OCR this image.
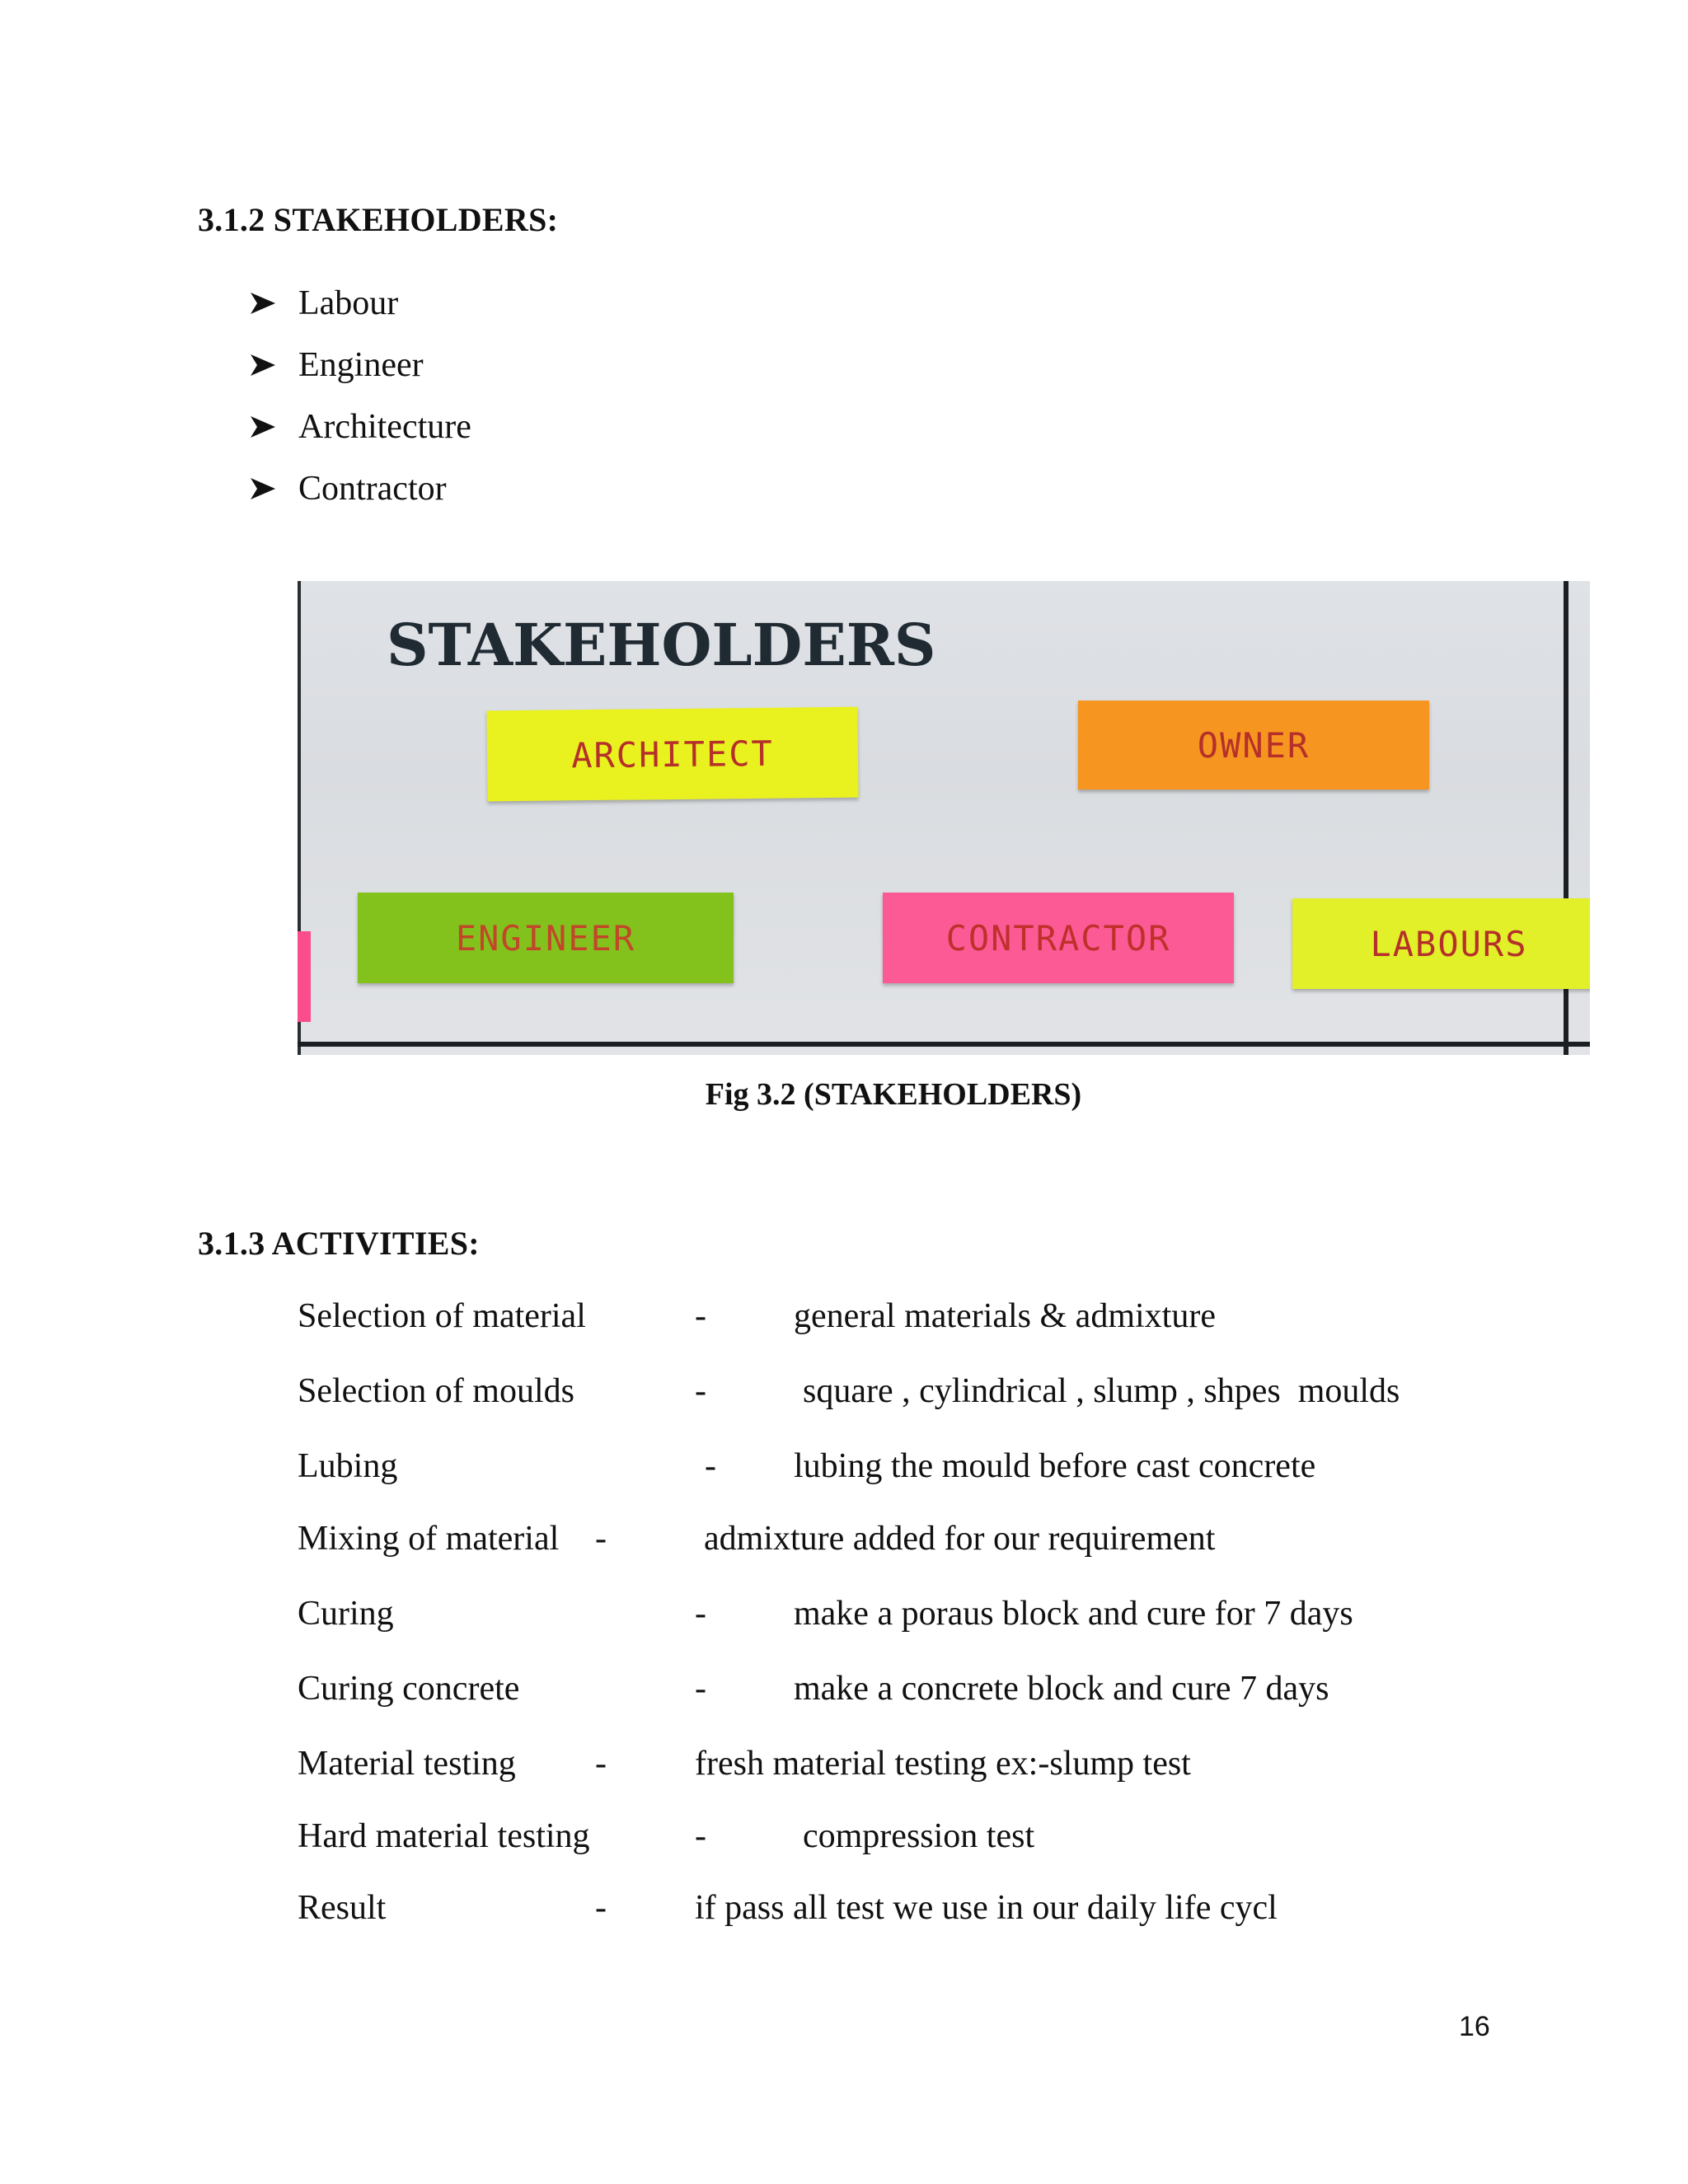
3.1.2 STAKEHOLDERS:
Labour
Engineer
Architecture
Contractor
STAKEHOLDERS
ARCHITECT	OWNER
ENGINEER	CONTRACTOR	LABOURS
Fig 3.2 (STAKEHOLDERS)
3.1.3 ACTIVITIES:
Selection of material	-	general materials & admixture
Selection of moulds	-	square , cylindrical , slump , shpes  moulds
Lubing	- lubing the mould before cast concrete
Mixing of material -	admixture added for our requirement
Curing	-	make a poraus block and cure for 7 days
Curing concrete	-	make a concrete block and cure 7 days
Material testing -	fresh material testing ex:-slump test
Hard material testing	-	compression test
Result	-	if pass all test we use in our daily life cycl
16
